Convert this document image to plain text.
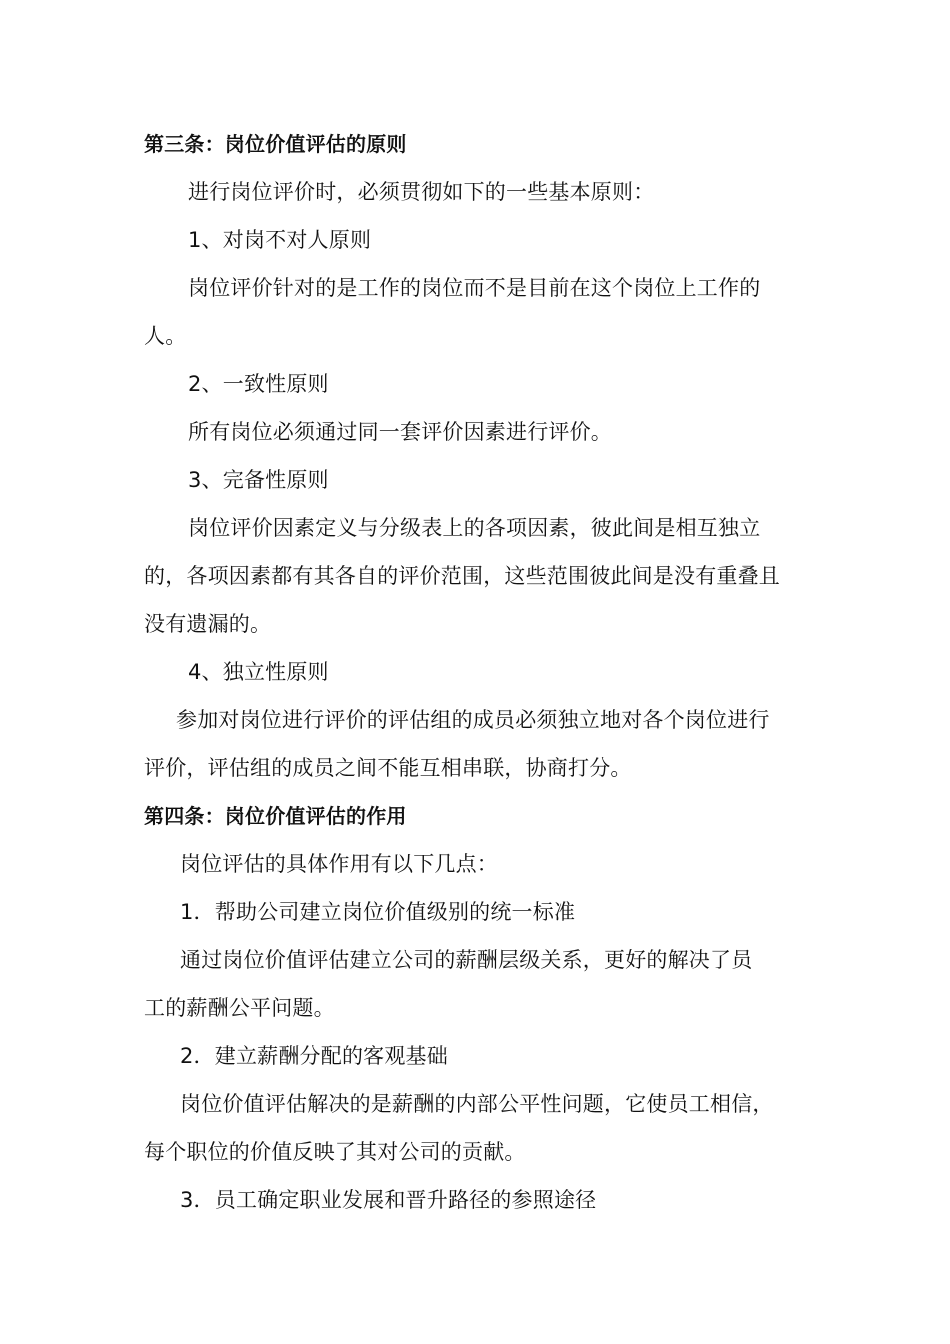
第三条：岗位价值评估的原则
进行岗位评价时，必须贯彻如下的一些基本原则：
1、对岗不对人原则
岗位评价针对的是工作的岗位而不是目前在这个岗位上工作的
人。
2、一致性原则
所有岗位必须通过同一套评价因素进行评价。
3、完备性原则
岗位评价因素定义与分级表上的各项因素，彼此间是相互独立
的，各项因素都有其各自的评价范围，这些范围彼此间是没有重叠且
没有遗漏的。
4、独立性原则
参加对岗位进行评价的评估组的成员必须独立地对各个岗位进行
评价，评估组的成员之间不能互相串联，协商打分。
第四条：岗位价值评估的作用
岗位评估的具体作用有以下几点：
1．帮助公司建立岗位价值级别的统一标准
通过岗位价值评估建立公司的薪酬层级关系，更好的解决了员
工的薪酬公平问题。
2．建立薪酬分配的客观基础
岗位价值评估解决的是薪酬的内部公平性问题，它使员工相信，
每个职位的价值反映了其对公司的贡献。
3．员工确定职业发展和晋升路径的参照途径
